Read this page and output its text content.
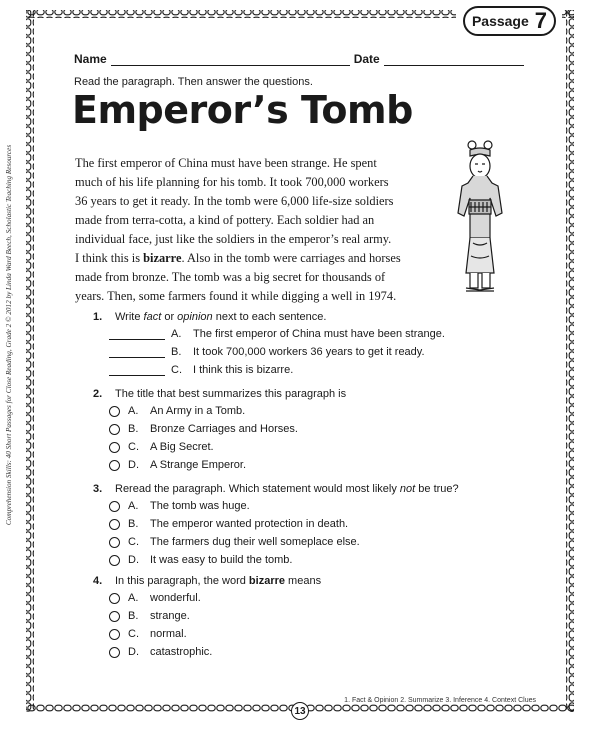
Passage 7
Comprehension Skills: 40 Short Passages for Close Reading, Grade 2 © 2012 by Linda Ward Beech, Scholastic Teaching Resources
Name	Date
Read the paragraph. Then answer the questions.
Emperor’s Tomb

The first emperor of China must have been strange. He spent

much of his life planning for his tomb. It took 700,000 workers

36 years to get it ready. In the tomb were 6,000 life-size soldiers

made from terra-cotta, a kind of pottery. Each soldier had an

individual face, just like the soldiers in the emperor’s real army.

I think this is bizarre. Also in the tomb were carriages and horses

made from bronze. The tomb was a big secret for thousands of

years. Then, some farmers found it while digging a well in 1974.

1.	Write fact or opinion next to each sentence.
A.	The first emperor of China must have been strange.
B.	It took 700,000 workers 36 years to get it ready.
C.	I think this is bizarre.
2.	The title that best summarizes this paragraph is
A.	An Army in a Tomb.
B.	Bronze Carriages and Horses.
C.	A Big Secret.
D.	A Strange Emperor.
3.	Reread the paragraph. Which statement would most likely not be true?
A.	The tomb was huge.
B.	The emperor wanted protection in death.
C.	The farmers dug their well someplace else.
D.	It was easy to build the tomb.
4.	In this paragraph, the word bizarre means
A.	wonderful.
B.	strange.
C.	normal.
D.	catastrophic.
1. Fact & Opinion 2. Summarize 3. Inference 4. Context Clues
13
